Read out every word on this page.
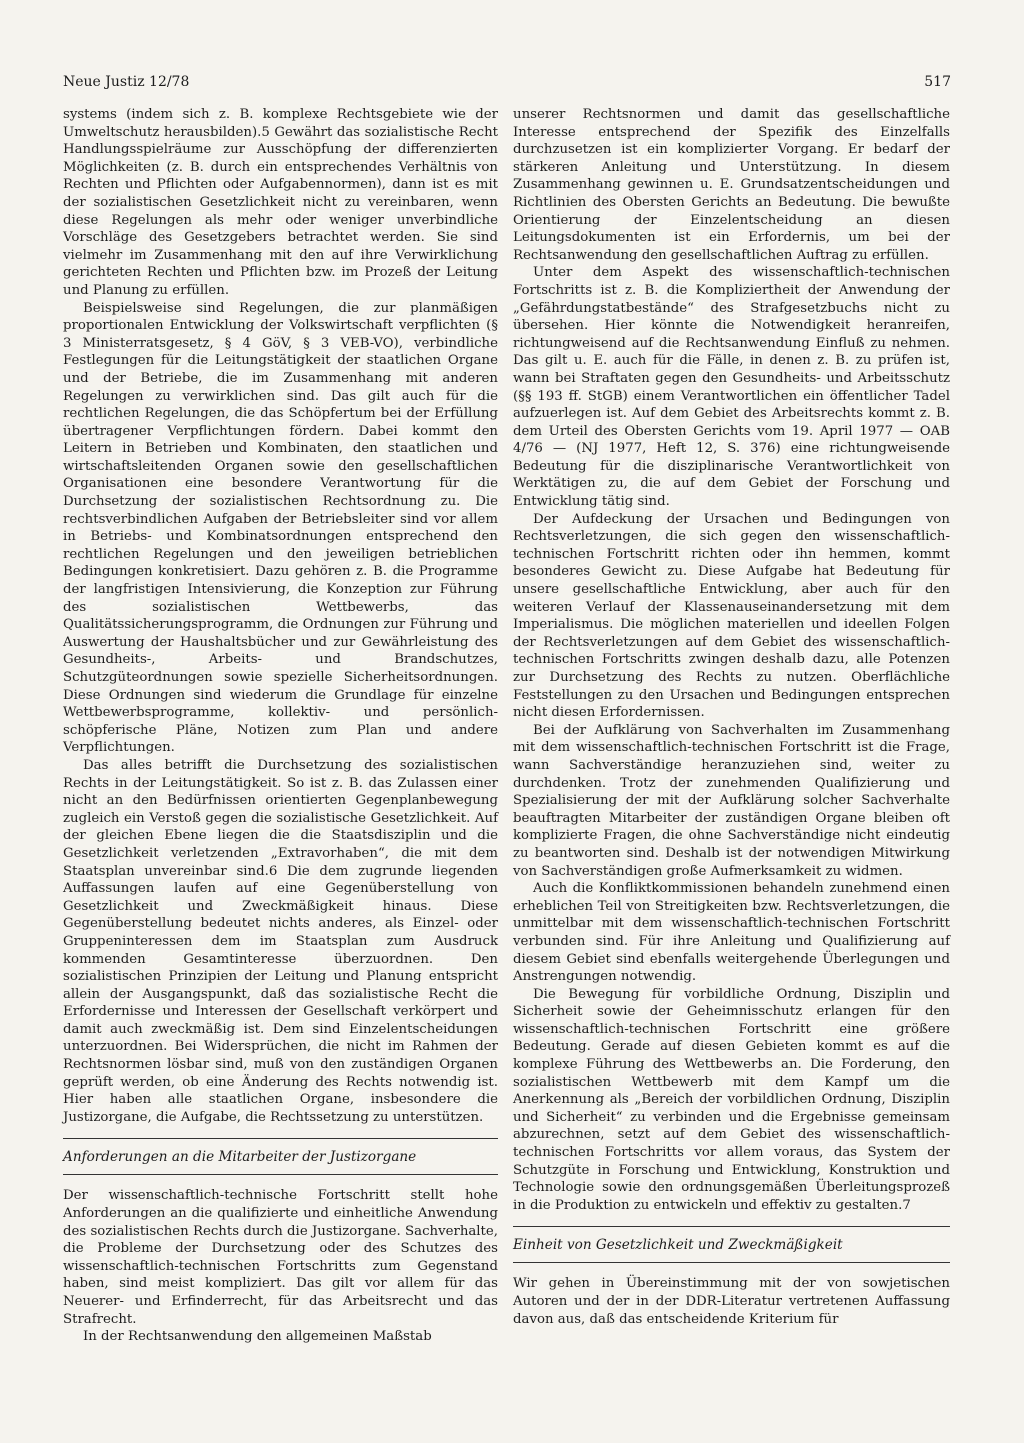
Neue Justiz 12/78	517

systems (indem sich z. B. komplexe Rechtsgebiete wie der Umweltschutz herausbilden).5 Gewährt das sozialistische Recht Handlungsspielräume zur Ausschöpfung der differenzierten Möglichkeiten (z. B. durch ein entsprechendes Verhältnis von Rechten und Pflichten oder Aufgabennormen), dann ist es mit der sozialistischen Gesetzlichkeit nicht zu vereinbaren, wenn diese Regelungen als mehr oder weniger unverbindliche Vorschläge des Gesetzgebers betrachtet werden. Sie sind vielmehr im Zusammenhang mit den auf ihre Verwirklichung gerichteten Rechten und Pflichten bzw. im Prozeß der Leitung und Planung zu erfüllen.

Beispielsweise sind Regelungen, die zur planmäßigen proportionalen Entwicklung der Volkswirtschaft verpflichten (§ 3 Ministerratsgesetz, § 4 GöV, § 3 VEB-VO), verbindliche Festlegungen für die Leitungstätigkeit der staatlichen Organe und der Betriebe, die im Zusammenhang mit anderen Regelungen zu verwirklichen sind. Das gilt auch für die rechtlichen Regelungen, die das Schöpfertum bei der Erfüllung übertragener Verpflichtungen fördern. Dabei kommt den Leitern in Betrieben und Kombinaten, den staatlichen und wirtschaftsleitenden Organen sowie den gesellschaftlichen Organisationen eine besondere Verantwortung für die Durchsetzung der sozialistischen Rechtsordnung zu. Die rechtsverbindlichen Aufgaben der Betriebsleiter sind vor allem in Betriebs- und Kombinatsordnungen entsprechend den rechtlichen Regelungen und den jeweiligen betrieblichen Bedingungen konkretisiert. Dazu gehören z. B. die Programme der langfristigen Intensivierung, die Konzeption zur Führung des sozialistischen Wettbewerbs, das Qualitätssicherungsprogramm, die Ordnungen zur Führung und Auswertung der Haushaltsbücher und zur Gewährleistung des Gesundheits-, Arbeits- und Brandschutzes, Schutzgüteordnungen sowie spezielle Sicherheitsordnungen. Diese Ordnungen sind wiederum die Grundlage für einzelne Wettbewerbsprogramme, kollektiv- und persönlich-schöpferische Pläne, Notizen zum Plan und andere Verpflichtungen.

Das alles betrifft die Durchsetzung des sozialistischen Rechts in der Leitungstätigkeit. So ist z. B. das Zulassen einer nicht an den Bedürfnissen orientierten Gegenplanbewegung zugleich ein Verstoß gegen die sozialistische Gesetzlichkeit. Auf der gleichen Ebene liegen die die Staatsdisziplin und die Gesetzlichkeit verletzenden „Extravorhaben“, die mit dem Staatsplan unvereinbar sind.6 Die dem zugrunde liegenden Auffassungen laufen auf eine Gegenüberstellung von Gesetzlichkeit und Zweckmäßigkeit hinaus. Diese Gegenüberstellung bedeutet nichts anderes, als Einzel- oder Gruppeninteressen dem im Staatsplan zum Ausdruck kommenden Gesamtinteresse überzuordnen. Den sozialistischen Prinzipien der Leitung und Planung entspricht allein der Ausgangspunkt, daß das sozialistische Recht die Erfordernisse und Interessen der Gesellschaft verkörpert und damit auch zweckmäßig ist. Dem sind Einzelentscheidungen unterzuordnen. Bei Widersprüchen, die nicht im Rahmen der Rechtsnormen lösbar sind, muß von den zuständigen Organen geprüft werden, ob eine Änderung des Rechts notwendig ist. Hier haben alle staatlichen Organe, insbesondere die Justizorgane, die Aufgabe, die Rechtssetzung zu unterstützen.

Anforderungen an die Mitarbeiter der Justizorgane

Der wissenschaftlich-technische Fortschritt stellt hohe Anforderungen an die qualifizierte und einheitliche Anwendung des sozialistischen Rechts durch die Justizorgane. Sachverhalte, die Probleme der Durchsetzung oder des Schutzes des wissenschaftlich-technischen Fortschritts zum Gegenstand haben, sind meist kompliziert. Das gilt vor allem für das Neuerer- und Erfinderrecht, für das Arbeitsrecht und das Strafrecht.

In der Rechtsanwendung den allgemeinen Maßstab

unserer Rechtsnormen und damit das gesellschaftliche Interesse entsprechend der Spezifik des Einzelfalls durchzusetzen ist ein komplizierter Vorgang. Er bedarf der stärkeren Anleitung und Unterstützung. In diesem Zusammenhang gewinnen u. E. Grundsatzentscheidungen und Richtlinien des Obersten Gerichts an Bedeutung. Die bewußte Orientierung der Einzelentscheidung an diesen Leitungsdokumenten ist ein Erfordernis, um bei der Rechtsanwendung den gesellschaftlichen Auftrag zu erfüllen.

Unter dem Aspekt des wissenschaftlich-technischen Fortschritts ist z. B. die Kompliziertheit der Anwendung der „Gefährdungstatbestände“ des Strafgesetzbuchs nicht zu übersehen. Hier könnte die Notwendigkeit heranreifen, richtungweisend auf die Rechtsanwendung Einfluß zu nehmen. Das gilt u. E. auch für die Fälle, in denen z. B. zu prüfen ist, wann bei Straftaten gegen den Gesundheits- und Arbeitsschutz (§§ 193 ff. StGB) einem Verantwortlichen ein öffentlicher Tadel aufzuerlegen ist. Auf dem Gebiet des Arbeitsrechts kommt z. B. dem Urteil des Obersten Gerichts vom 19. April 1977 — OAB 4/76 — (NJ 1977, Heft 12, S. 376) eine richtungweisende Bedeutung für die disziplinarische Verantwortlichkeit von Werktätigen zu, die auf dem Gebiet der Forschung und Entwicklung tätig sind.

Der Aufdeckung der Ursachen und Bedingungen von Rechtsverletzungen, die sich gegen den wissenschaftlich-technischen Fortschritt richten oder ihn hemmen, kommt besonderes Gewicht zu. Diese Aufgabe hat Bedeutung für unsere gesellschaftliche Entwicklung, aber auch für den weiteren Verlauf der Klassenauseinandersetzung mit dem Imperialismus. Die möglichen materiellen und ideellen Folgen der Rechtsverletzungen auf dem Gebiet des wissenschaftlich-technischen Fortschritts zwingen deshalb dazu, alle Potenzen zur Durchsetzung des Rechts zu nutzen. Oberflächliche Feststellungen zu den Ursachen und Bedingungen entsprechen nicht diesen Erfordernissen.

Bei der Aufklärung von Sachverhalten im Zusammenhang mit dem wissenschaftlich-technischen Fortschritt ist die Frage, wann Sachverständige heranzuziehen sind, weiter zu durchdenken. Trotz der zunehmenden Qualifizierung und Spezialisierung der mit der Aufklärung solcher Sachverhalte beauftragten Mitarbeiter der zuständigen Organe bleiben oft komplizierte Fragen, die ohne Sachverständige nicht eindeutig zu beantworten sind. Deshalb ist der notwendigen Mitwirkung von Sachverständigen große Aufmerksamkeit zu widmen.

Auch die Konfliktkommissionen behandeln zunehmend einen erheblichen Teil von Streitigkeiten bzw. Rechtsverletzungen, die unmittelbar mit dem wissenschaftlich-technischen Fortschritt verbunden sind. Für ihre Anleitung und Qualifizierung auf diesem Gebiet sind ebenfalls weitergehende Überlegungen und Anstrengungen notwendig.

Die Bewegung für vorbildliche Ordnung, Disziplin und Sicherheit sowie der Geheimnisschutz erlangen für den wissenschaftlich-technischen Fortschritt eine größere Bedeutung. Gerade auf diesen Gebieten kommt es auf die komplexe Führung des Wettbewerbs an. Die Forderung, den sozialistischen Wettbewerb mit dem Kampf um die Anerkennung als „Bereich der vorbildlichen Ordnung, Disziplin und Sicherheit“ zu verbinden und die Ergebnisse gemeinsam abzurechnen, setzt auf dem Gebiet des wissenschaftlich-technischen Fortschritts vor allem voraus, das System der Schutzgüte in Forschung und Entwicklung, Konstruktion und Technologie sowie den ordnungsgemäßen Überleitungsprozeß in die Produktion zu entwickeln und effektiv zu gestalten.7

Einheit von Gesetzlichkeit und Zweckmäßigkeit

Wir gehen in Übereinstimmung mit der von sowjetischen Autoren und der in der DDR-Literatur vertretenen Auffassung davon aus, daß das entscheidende Kriterium für
